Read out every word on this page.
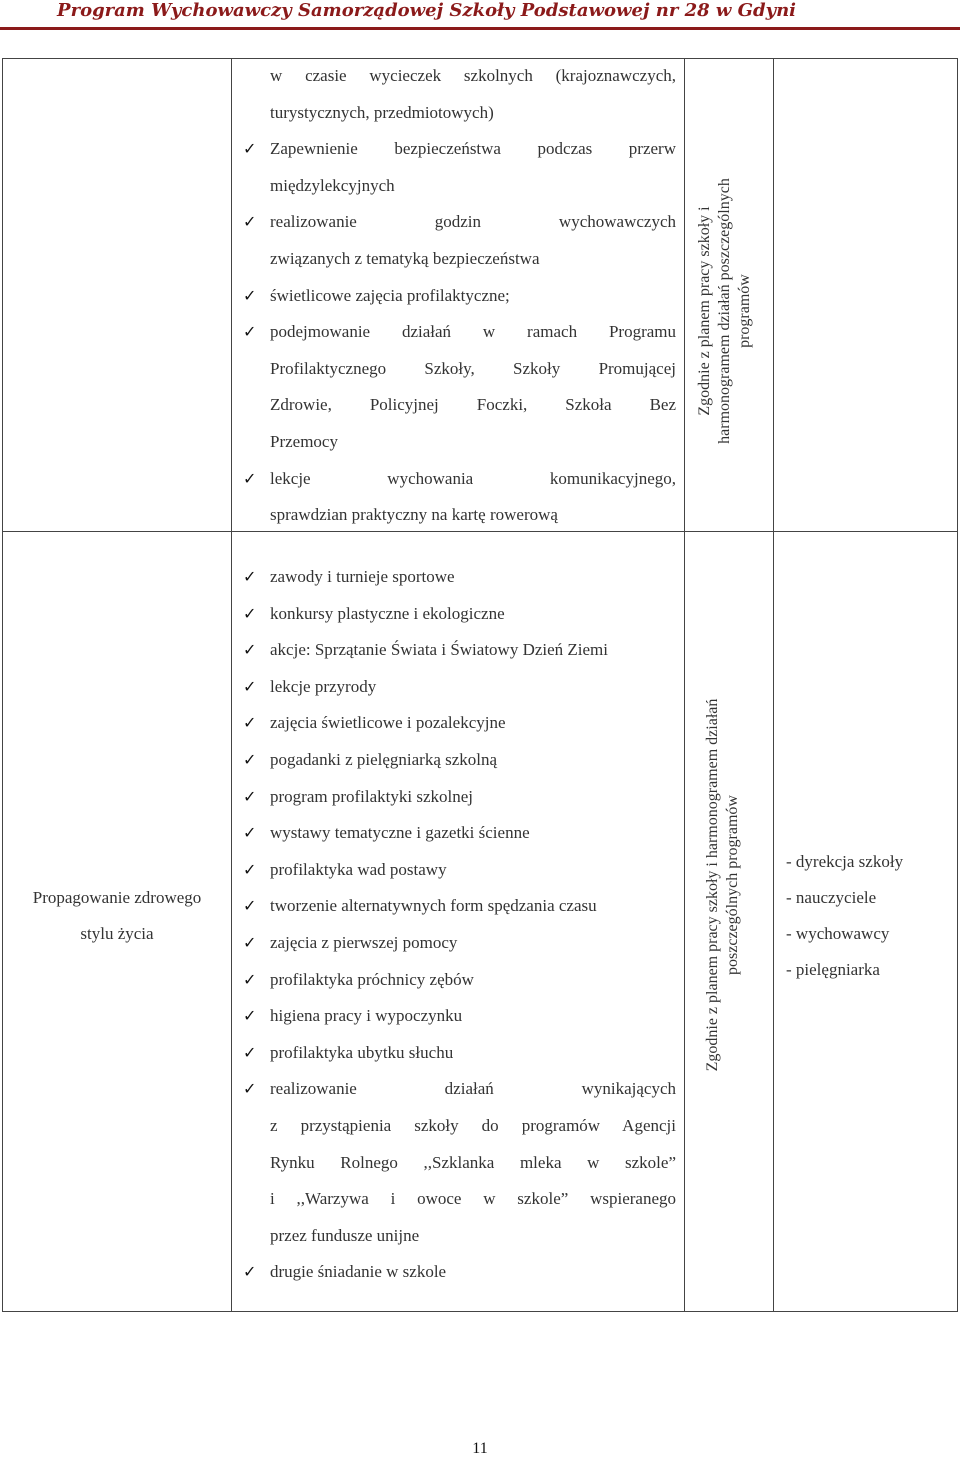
Program Wychowawczy Samorządowej Szkoły Podstawowej nr 28 w Gdyni
w czasie wycieczek szkolnych (krajoznawczych,
turystycznych, przedmiotowych)
✓ Zapewnienie bezpieczeństwa podczas przerw
międzylekcyjnych
✓ realizowanie godzin wychowawczych
związanych z tematyką bezpieczeństwa
✓ świetlicowe zajęcia profilaktyczne;
✓ podejmowanie działań w ramach Programu
Profilaktycznego Szkoły, Szkoły Promującej
Zdrowie, Policyjnej Foczki, Szkoła Bez
Przemocy
✓ lekcje wychowania komunikacyjnego,
sprawdzian praktyczny na kartę rowerową
Zgodnie z planem pracy szkoły i harmonogramem działań poszczególnych programów
Propagowanie zdrowego
stylu życia
✓ zawody i turnieje sportowe
✓ konkursy plastyczne i ekologiczne
✓ akcje: Sprzątanie Świata i Światowy Dzień Ziemi
✓ lekcje przyrody
✓ zajęcia świetlicowe i pozalekcyjne
✓ pogadanki z pielęgniarką szkolną
✓ program profilaktyki szkolnej
✓ wystawy tematyczne i gazetki ścienne
✓ profilaktyka wad postawy
✓ tworzenie alternatywnych form spędzania czasu
✓ zajęcia z pierwszej pomocy
✓ profilaktyka próchnicy zębów
✓ higiena pracy i wypoczynku
✓ profilaktyka ubytku słuchu
✓ realizowanie działań wynikających
z przystąpienia szkoły do programów Agencji
Rynku Rolnego ,,Szklanka mleka w szkole”
i ,,Warzywa i owoce w szkole” wspieranego
przez fundusze unijne
✓ drugie śniadanie w szkole
Zgodnie z planem pracy szkoły i harmonogramem działań poszczególnych programów	- dyrekcja szkoły
- nauczyciele
- wychowawcy
- pielęgniarka
11
